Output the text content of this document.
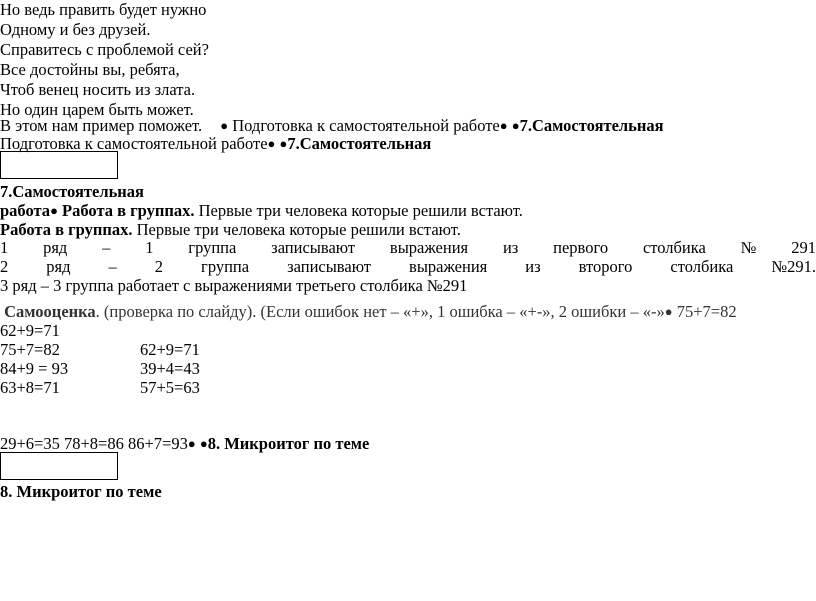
Но ведь править будет нужно
Одному и без друзей.
Справитесь с проблемой сей?
Все достойны вы, ребята,
Чтоб венец носить из злата.
Но один царем быть может.
В этом нам пример поможет. ● Подготовка к самостоятельной работе● ●7.Самостоятельная
Подготовка к самостоятельной работе● ●7.Самостоятельная
7.Самостоятельная
работа● Работа в группах. Первые три человека которые решили встают.
Работа в группах. Первые три человека которые решили встают.
1 ряд – 1 группа записывают выражения из первого столбика № 291
2 ряд – 2 группа записывают выражения из второго столбика №291.
3 ряд – 3 группа работает с выражениями третьего столбика №291
Самооценка. (проверка по слайду). (Если ошибок нет – «+», 1 ошибка – «+-», 2 ошибки – «-»● 75+7=82
62+9=71
75+7=82	62+9=71
84+9 = 93	39+4=43
63+8=71	57+5=63
29+6=35 78+8=86 86+7=93● ●8. Микроитог по теме
8. Микроитог по теме
